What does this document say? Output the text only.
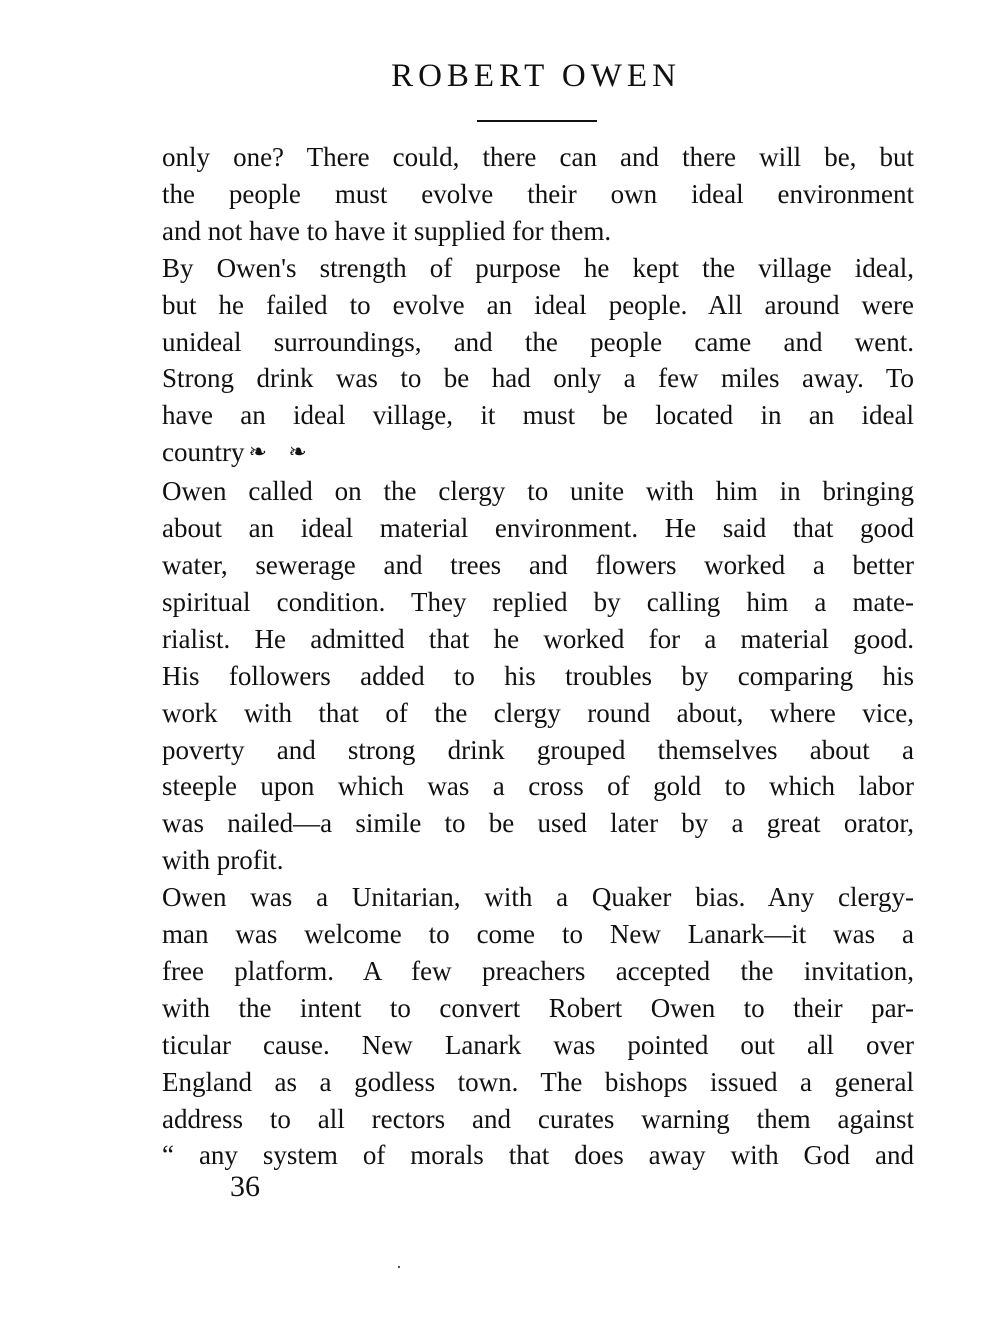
ROBERT OWEN
only one? There could, there can and there will be, but
the people must evolve their own ideal environment
and not have to have it supplied for them.
By Owen's strength of purpose he kept the village ideal,
but he failed to evolve an ideal people. All around were
unideal surroundings, and the people came and went.
Strong drink was to be had only a few miles away. To
have an ideal village, it must be located in an ideal
country ❧ ❧
Owen called on the clergy to unite with him in bringing
about an ideal material environment. He said that good
water, sewerage and trees and flowers worked a better
spiritual condition. They replied by calling him a mate-
rialist. He admitted that he worked for a material good.
His followers added to his troubles by comparing his
work with that of the clergy round about, where vice,
poverty and strong drink grouped themselves about a
steeple upon which was a cross of gold to which labor
was nailed—a simile to be used later by a great orator,
with profit.
Owen was a Unitarian, with a Quaker bias. Any clergy-
man was welcome to come to New Lanark—it was a
free platform. A few preachers accepted the invitation,
with the intent to convert Robert Owen to their par-
ticular cause. New Lanark was pointed out all over
England as a godless town. The bishops issued a general
address to all rectors and curates warning them against
“ any system of morals that does away with God and
36
